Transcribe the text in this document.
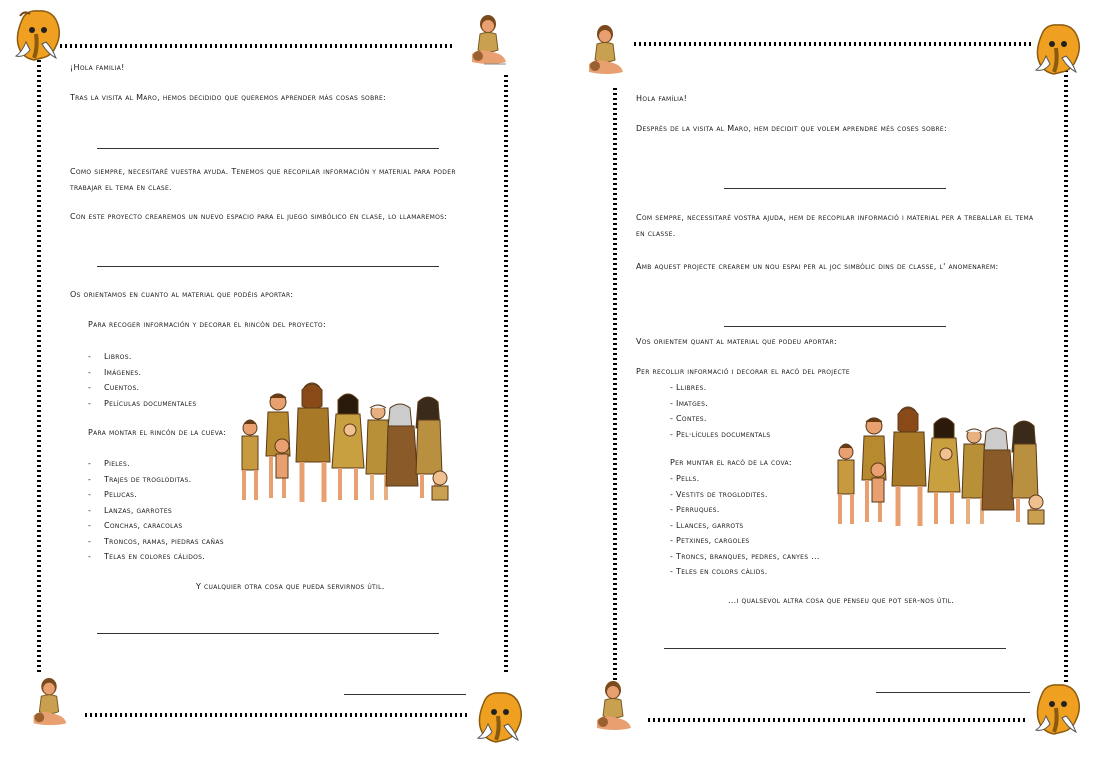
¡Hola familia!
Tras la visita al Maro, hemos decidido que queremos aprender más cosas sobre:
Como siempre, necesitaré vuestra ayuda. Tenemos que recopilar información y material para poder trabajar el tema en clase.
Con este proyecto crearemos un nuevo espacio para el juego simbólico en clase, lo llamaremos:
Os orientamos en cuanto al material que podéis aportar:
Para recoger información y decorar el rincón del proyecto:
- Libros.
- Imágenes.
- Cuentos.
- Películas documentales
Para montar el rincón de la cueva:
- Pieles.
- Trajes de trogloditas.
- Pelucas.
- Lanzas, garrotes
- Conchas, caracolas
- Troncos, ramas, piedras cañas
- Telas en colores cálidos.
Y cualquier otra cosa que pueda servirnos útil.
Hola família!
Després de la visita al Maro, hem decidit que volem aprendre més coses sobre:
Com sempre, necessitaré vostra ajuda, hem de recopilar informació i material per a treballar el tema en classe.
Amb aquest projecte crearem un nou espai per al joc simbòlic dins de classe, l' anomenarem:
Vos orientem quant al material que podeu aportar:
Per recollir informació i decorar el racó del projecte
- Llibres.
- Imatges.
- Contes.
- Pel·lícules documentals
Per muntar el racó de la cova:
- Pells.
- Vestits de troglodites.
- Perruques.
- Llances, garrots
- Petxines, cargoles
- Troncs, branques, pedres, canyes ...
- Teles en colors càlids.
...i qualsevol altra cosa que penseu que pot ser-nos útil.
